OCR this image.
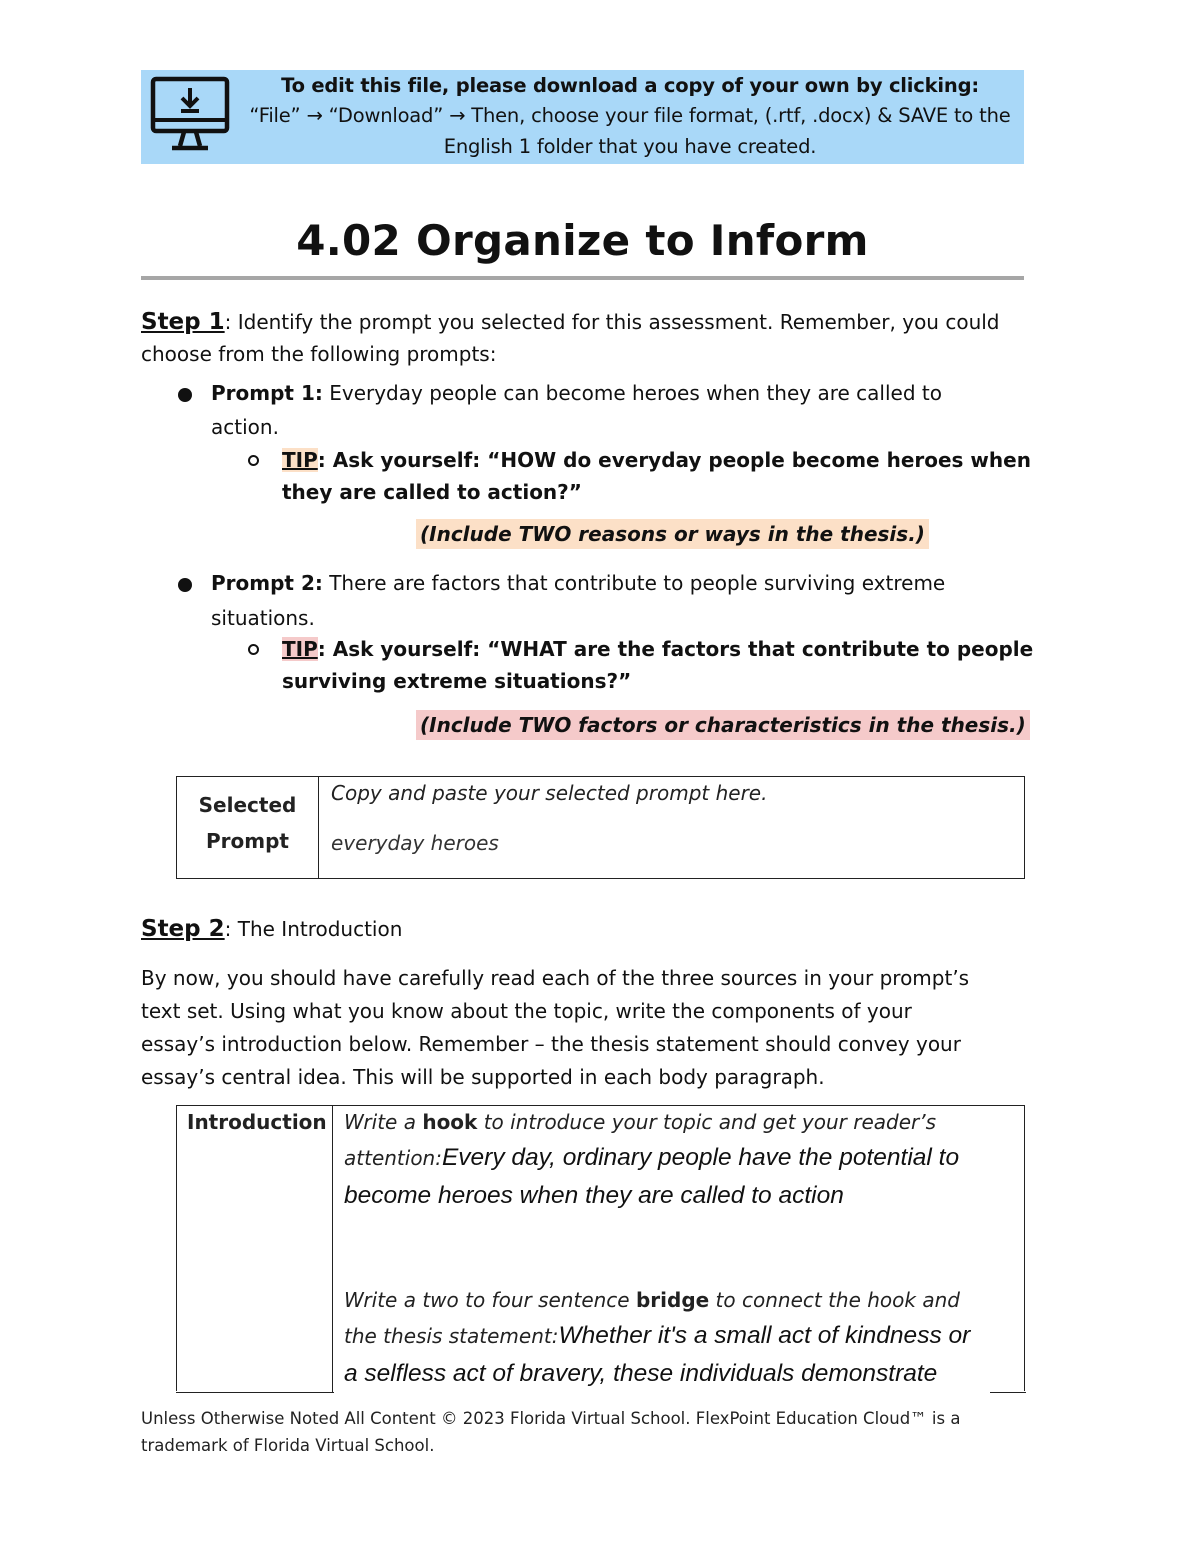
To edit this file, please download a copy of your own by clicking:
“File” → “Download” → Then, choose your file format, (.rtf, .docx) & SAVE to the
English 1 folder that you have created.
4.02 Organize to Inform
Step 1: Identify the prompt you selected for this assessment. Remember, you could
choose from the following prompts:
Prompt 1: Everyday people can become heroes when they are called to
action.
TIP: Ask yourself: “HOW do everyday people become heroes when
they are called to action?”
(Include TWO reasons or ways in the thesis.)
Prompt 2: There are factors that contribute to people surviving extreme
situations.
TIP: Ask yourself: “WHAT are the factors that contribute to people
surviving extreme situations?”
(Include TWO factors or characteristics in the thesis.)
Selected
Prompt
Copy and paste your selected prompt here.
everyday heroes
Step 2: The Introduction
By now, you should have carefully read each of the three sources in your prompt’s
text set. Using what you know about the topic, write the components of your
essay’s introduction below. Remember – the thesis statement should convey your
essay’s central idea. This will be supported in each body paragraph.
Introduction Write a hook to introduce your topic and get your reader’s
attention:Every day, ordinary people have the potential to
become heroes when they are called to action
Write a two to four sentence bridge to connect the hook and
the thesis statement:Whether it's a small act of kindness or
a selfless act of bravery, these individuals demonstrate
Unless Otherwise Noted All Content © 2023 Florida Virtual School. FlexPoint Education Cloud™ is a
trademark of Florida Virtual School.
